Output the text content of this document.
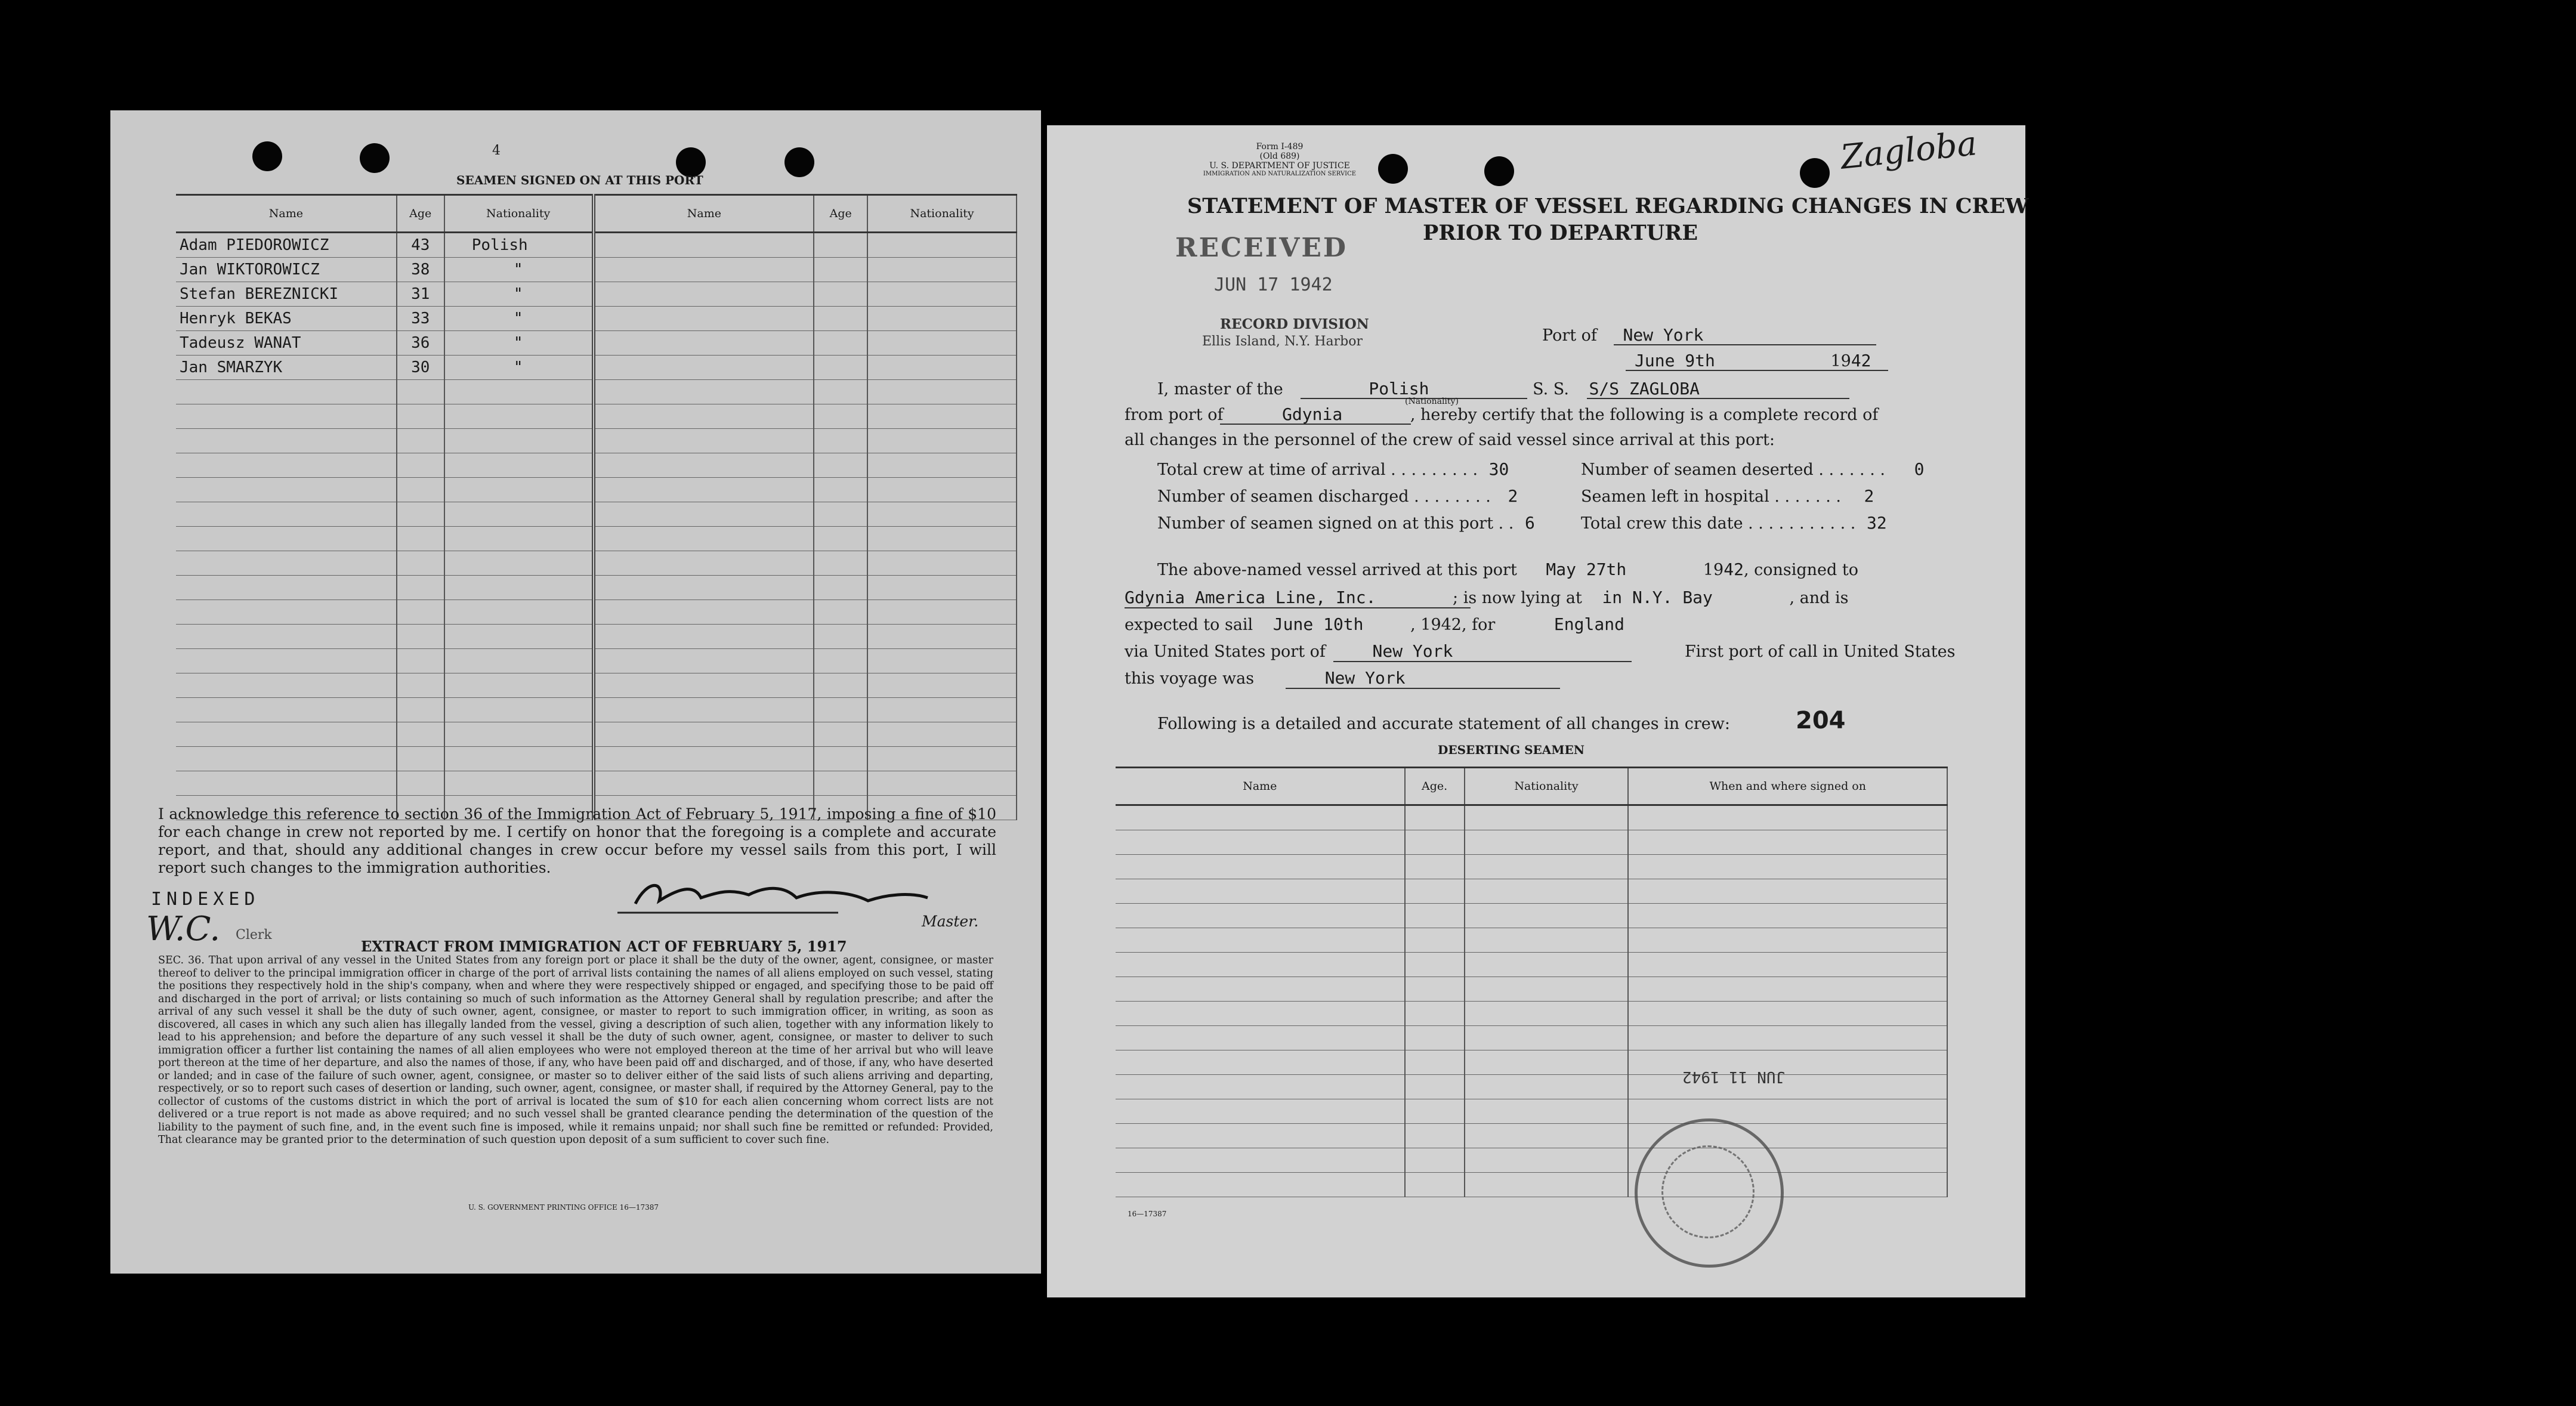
4
SEAMEN SIGNED ON AT THIS PORT
Name	Age	Nationality	Name	Age	Nationality
Adam PIEDOROWICZ	43	Polish			
Jan WIKTOROWICZ	38	"			
Stefan BEREZNICKI	31	"			
Henryk BEKAS	33	"			
Tadeusz WANAT	36	"			
Jan SMARZYK	30	"			

I acknowledge this reference to section 36 of the Immigration Act of February 5, 1917, imposing a fine of $10 for each change in crew not reported by me. I certify on honor that the foregoing is a complete and accurate report, and that, should any additional changes in crew occur before my vessel sails from this port, I will report such changes to the immigration authorities.
Master.
INDEXED
W.C. Clerk
EXTRACT FROM IMMIGRATION ACT OF FEBRUARY 5, 1917
SEC. 36. That upon arrival of any vessel in the United States from any foreign port or place it shall be the duty of the owner, agent, consignee, or master thereof to deliver to the principal immigration officer in charge of the port of arrival lists containing the names of all aliens employed on such vessel, stating the positions they respectively hold in the ship's company, when and where they were respectively shipped or engaged, and specifying those to be paid off and discharged in the port of arrival; or lists containing so much of such information as the Attorney General shall by regulation prescribe; and after the arrival of any such vessel it shall be the duty of such owner, agent, consignee, or master to report to such immigration officer, in writing, as soon as discovered, all cases in which any such alien has illegally landed from the vessel, giving a description of such alien, together with any information likely to lead to his apprehension; and before the departure of any such vessel it shall be the duty of such owner, agent, consignee, or master to deliver to such immigration officer a further list containing the names of all alien employees who were not employed thereon at the time of her arrival but who will leave port thereon at the time of her departure, and also the names of those, if any, who have been paid off and discharged, and of those, if any, who have deserted or landed; and in case of the failure of such owner, agent, consignee, or master so to deliver either of the said lists of such aliens arriving and departing, respectively, or so to report such cases of desertion or landing, such owner, agent, consignee, or master shall, if required by the Attorney General, pay to the collector of customs of the customs district in which the port of arrival is located the sum of $10 for each alien concerning whom correct lists are not delivered or a true report is not made as above required; and no such vessel shall be granted clearance pending the determination of the question of the liability to the payment of such fine, and, in the event such fine is imposed, while it remains unpaid; nor shall such fine be remitted or refunded: Provided, That clearance may be granted prior to the determination of such question upon deposit of a sum sufficient to cover such fine.
U. S. GOVERNMENT PRINTING OFFICE 16—17387
Form I-489
(Old 689)
U. S. DEPARTMENT OF JUSTICE
IMMIGRATION AND NATURALIZATION SERVICE	Zagloba
STATEMENT OF MASTER OF VESSEL REGARDING CHANGES IN CREW
PRIOR TO DEPARTURE
RECEIVED
JUN 17 1942
RECORD DIVISION
Ellis Island, N.Y. Harbor	Port of New York
June 9th	1942
I, master of the	Polish	S. S. S/S ZAGLOBA
(Nationality)
from port of	Gdynia	, hereby certify that the following is a complete record of
all changes in the personnel of the crew of said vessel since arrival at this port:
Total crew at time of arrival . . . . . . . . . 30	Number of seamen deserted . . . . . . . 0
Number of seamen discharged . . . . . . . . 2	Seamen left in hospital . . . . . . . 2
Number of seamen signed on at this port . . 6	Total crew this date . . . . . . . . . . . 32
The above-named vessel arrived at this port May 27th	1942, consigned to
Gdynia America Line, Inc.	; is now lying at in N.Y. Bay	, and is
expected to sail June 10th	, 1942, for	England
via United States port of	New York	First port of call in United States
this voyage was	New York
Following is a detailed and accurate statement of all changes in crew:	204
DESERTING SEAMEN
Name	Age.	Nationality	When and where signed on

JUN 11 1942
16—17387
